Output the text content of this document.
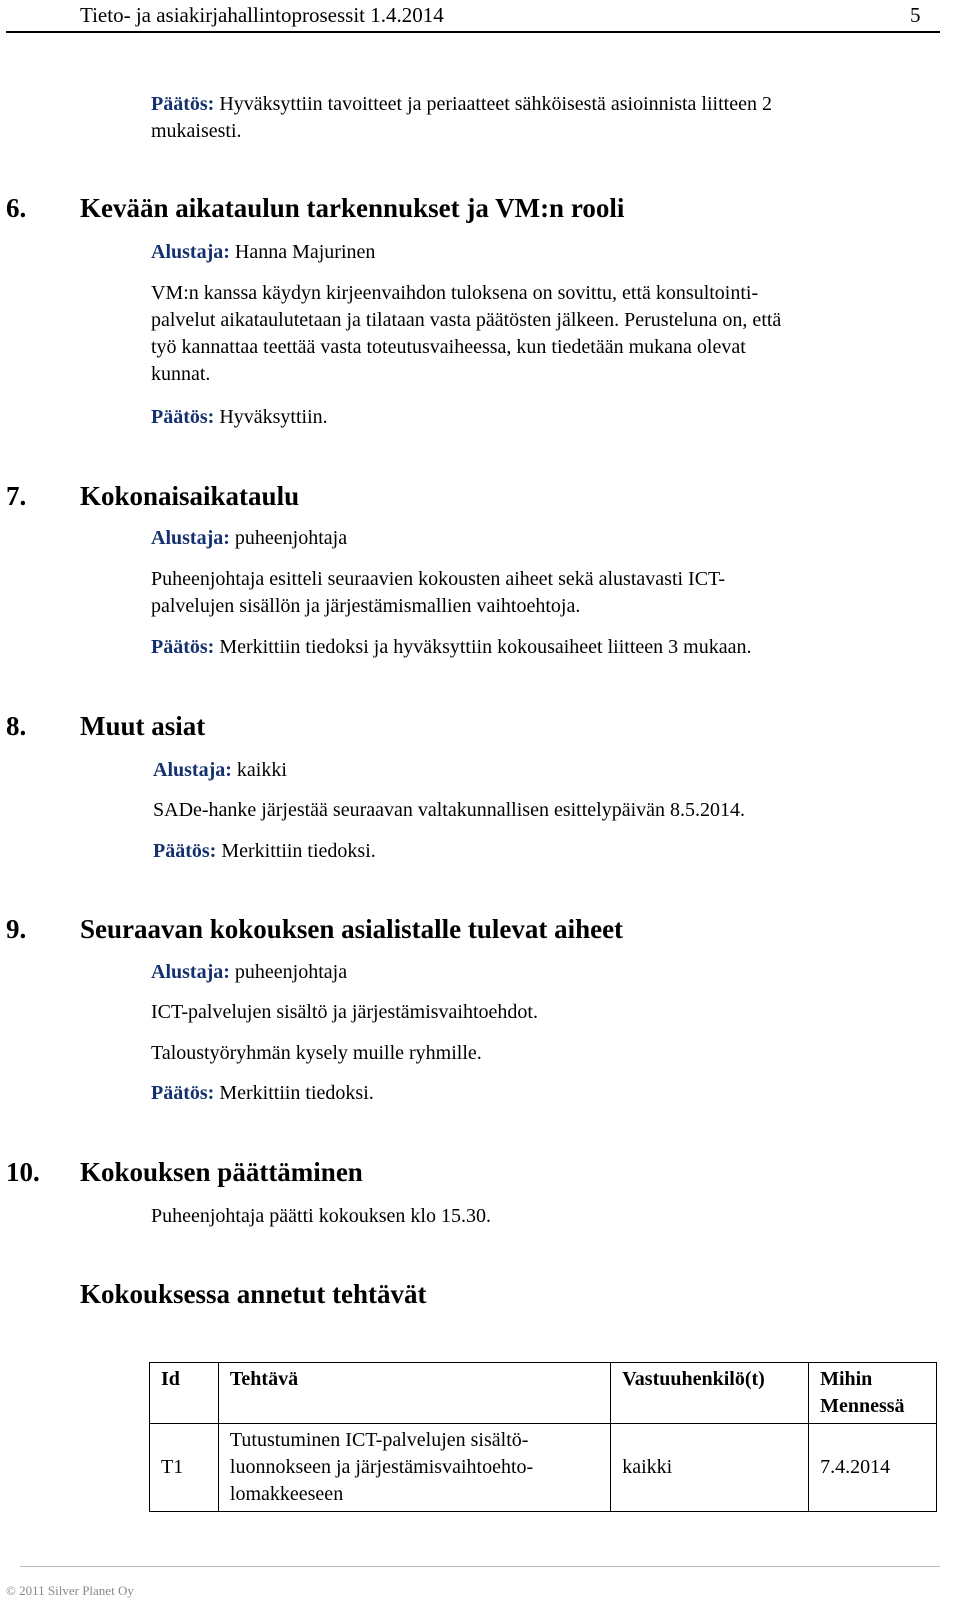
Tieto- ja asiakirjahallintoprosessit 1.4.2014	5
Päätös: Hyväksyttiin tavoitteet ja periaatteet sähköisestä asioinnista liitteen 2
mukaisesti.
6. Kevään aikataulun tarkennukset ja VM:n rooli
Alustaja: Hanna Majurinen
VM:n kanssa käydyn kirjeenvaihdon tuloksena on sovittu, että konsultointi-
palvelut aikataulutetaan ja tilataan vasta päätösten jälkeen. Perusteluna on, että
työ kannattaa teettää vasta toteutusvaiheessa, kun tiedetään mukana olevat
kunnat.
Päätös: Hyväksyttiin.
7. Kokonaisaikataulu
Alustaja: puheenjohtaja
Puheenjohtaja esitteli seuraavien kokousten aiheet sekä alustavasti ICT-
palvelujen sisällön ja järjestämismallien vaihtoehtoja.
Päätös: Merkittiin tiedoksi ja hyväksyttiin kokousaiheet liitteen 3 mukaan.
8. Muut asiat
Alustaja: kaikki
SADe-hanke järjestää seuraavan valtakunnallisen esittelypäivän 8.5.2014.
Päätös: Merkittiin tiedoksi.
9. Seuraavan kokouksen asialistalle tulevat aiheet
Alustaja: puheenjohtaja
ICT-palvelujen sisältö ja järjestämisvaihtoehdot.
Taloustyöryhmän kysely muille ryhmille.
Päätös: Merkittiin tiedoksi.
10. Kokouksen päättäminen
Puheenjohtaja päätti kokouksen klo 15.30.
Kokouksessa annetut tehtävät
Id	Tehtävä	Vastuuhenkilö(t)	Mihin Mennessä
T1	Tutustuminen ICT-palvelujen sisältö-luonnokseen ja järjestämisvaihtoehto-lomakkeeseen	kaikki	7.4.2014
© 2011 Silver Planet Oy
